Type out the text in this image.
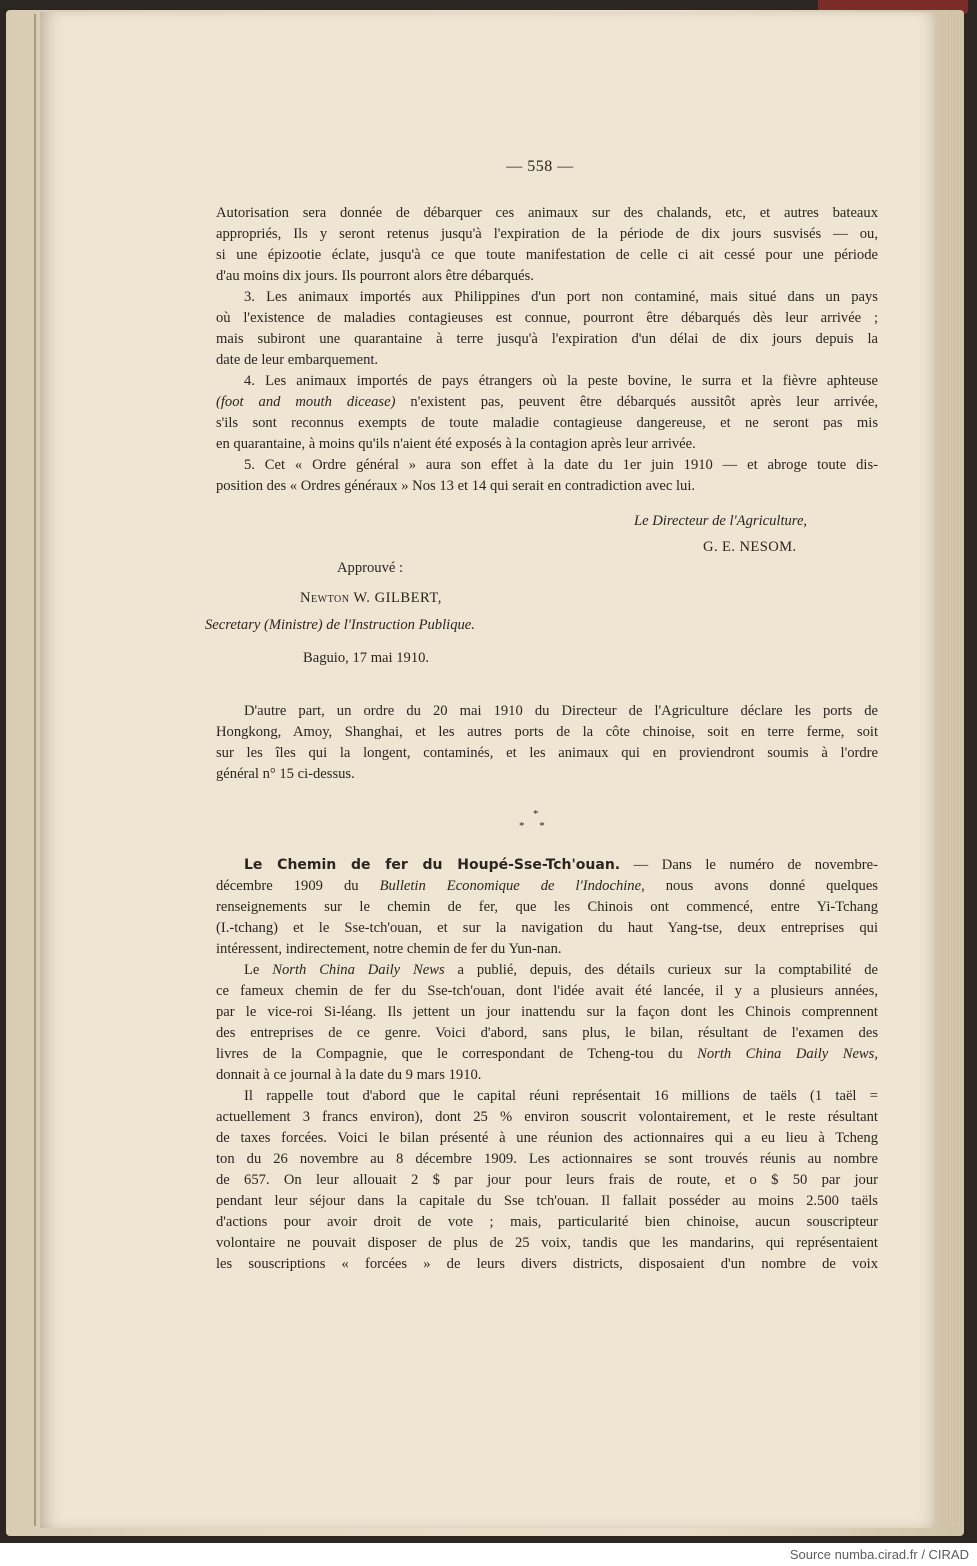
— 558 —

Autorisation sera donnée de débarquer ces animaux sur des chalands, etc, et autres bateaux

appropriés, Ils y seront retenus jusqu'à l'expiration de la période de dix jours susvisés — ou,

si une épizootie éclate, jusqu'à ce que toute manifestation de celle ci ait cessé pour une période

d'au moins dix jours. Ils pourront alors être débarqués.

3. Les animaux importés aux Philippines d'un port non contaminé, mais situé dans un pays

où l'existence de maladies contagieuses est connue, pourront être débarqués dès leur arrivée ;

mais subiront une quarantaine à terre jusqu'à l'expiration d'un délai de dix jours depuis la

date de leur embarquement.

4. Les animaux importés de pays étrangers où la peste bovine, le surra et la fièvre aphteuse

(foot and mouth dicease) n'existent pas, peuvent être débarqués aussitôt après leur arrivée,

s'ils sont reconnus exempts de toute maladie contagieuse dangereuse, et ne seront pas mis

en quarantaine, à moins qu'ils n'aient été exposés à la contagion après leur arrivée.

5. Cet « Ordre général » aura son effet à la date du 1er juin 1910 — et abroge toute dis-

position des « Ordres généraux » Nos 13 et 14 qui serait en contradiction avec lui.

Le Directeur de l'Agriculture,

G. E. NESOM.

Approuvé :

Newton W. GILBERT,

Secretary (Ministre) de l'Instruction Publique.

Baguio, 17 mai 1910.

D'autre part, un ordre du 20 mai 1910 du Directeur de l'Agriculture déclare les ports de

Hongkong, Amoy, Shanghai, et les autres ports de la côte chinoise, soit en terre ferme, soit

sur les îles qui la longent, contaminés, et les animaux qui en proviendront soumis à l'ordre

général n° 15 ci-dessus.

*

* *

Le Chemin de fer du Houpé-Sse-Tch'ouan. — Dans le numéro de novembre-

décembre 1909 du Bulletin Economique de l'Indochine, nous avons donné quelques

renseignements sur le chemin de fer, que les Chinois ont commencé, entre Yi-Tchang

(I.-tchang) et le Sse-tch'ouan, et sur la navigation du haut Yang-tse, deux entreprises qui

intéressent, indirectement, notre chemin de fer du Yun-nan.

Le North China Daily News a publié, depuis, des détails curieux sur la comptabilité de

ce fameux chemin de fer du Sse-tch'ouan, dont l'idée avait été lancée, il y a plusieurs années,

par le vice-roi Si-léang. Ils jettent un jour inattendu sur la façon dont les Chinois comprennent

des entreprises de ce genre. Voici d'abord, sans plus, le bilan, résultant de l'examen des

livres de la Compagnie, que le correspondant de Tcheng-tou du North China Daily News,

donnait à ce journal à la date du 9 mars 1910.

Il rappelle tout d'abord que le capital réuni représentait 16 millions de taëls (1 taël =

actuellement 3 francs environ), dont 25 % environ souscrit volontairement, et le reste résultant

de taxes forcées. Voici le bilan présenté à une réunion des actionnaires qui a eu lieu à Tcheng

ton du 26 novembre au 8 décembre 1909. Les actionnaires se sont trouvés réunis au nombre

de 657. On leur allouait 2 $ par jour pour leurs frais de route, et o $ 50 par jour

pendant leur séjour dans la capitale du Sse tch'ouan. Il fallait posséder au moins 2.500 taëls

d'actions pour avoir droit de vote ; mais, particularité bien chinoise, aucun souscripteur

volontaire ne pouvait disposer de plus de 25 voix, tandis que les mandarins, qui représentaient

les souscriptions « forcées » de leurs divers districts, disposaient d'un nombre de voix

Source numba.cirad.fr / CIRAD
